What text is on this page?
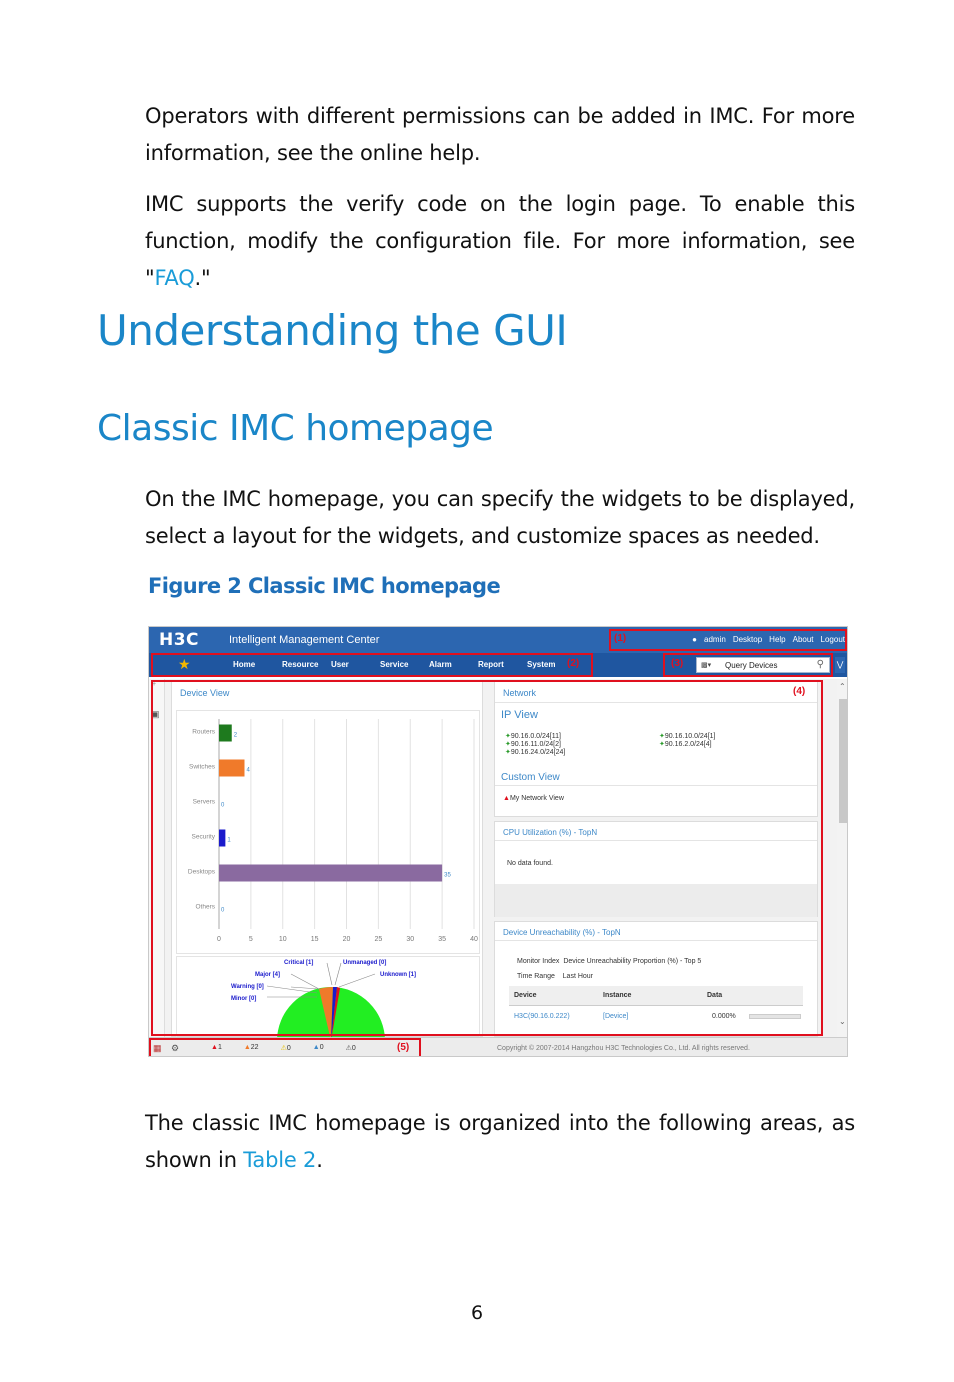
Operators with different permissions can be added in IMC. For more information, see the online help.

IMC supports the verify code on the login page. To enable this function, modify the configuration file. For more information, see "FAQ."

Understanding the GUI
Classic IMC homepage

On the IMC homepage, you can specify the widgets to be displayed, select a layout for the widgets, and customize spaces as needed.

Figure 2 Classic IMC homepage
H3C	Intelligent Management Center	● admin Desktop Help About Logout
★	Home	Resource	User	Service	Alarm	Report	System	▩▾ Query Devices	⚲ ⋁
+
▣
Device View
0	5	10	15	20	25	30	35	40
Routers	2
Switches	4
Servers 0
Security 1
Desktops	35
Others 0
Critical [1]	Unmanaged [0]
Major [4]	Unknown [1]
Warning [0]
Minor [0]
Network
IP View
✦90.16.0.0/24[11]
✦90.16.11.0/24[2]
✦90.16.24.0/24[24]
✦90.16.10.0/24[1]
✦90.16.2.0/24[4]
Custom View
▲My Network View
CPU Utilization (%) - TopN
No data found.
Device Unreachability (%) - TopN
Monitor Index Device Unreachability Proportion (%) - Top 5
Time Range Last Hour
Device	Instance	Data
H3C(90.16.0.222)	[Device]	0.000%
⌃
⌄
▦ ⚙	▲1	▲22	⚠0	▲0	⚠0	Copyright © 2007-2014 Hangzhou H3C Technologies Co., Ltd. All rights reserved.
(1)
(2)	(3)
(4)
(5)

The classic IMC homepage is organized into the following areas, as shown in Table 2.

6
